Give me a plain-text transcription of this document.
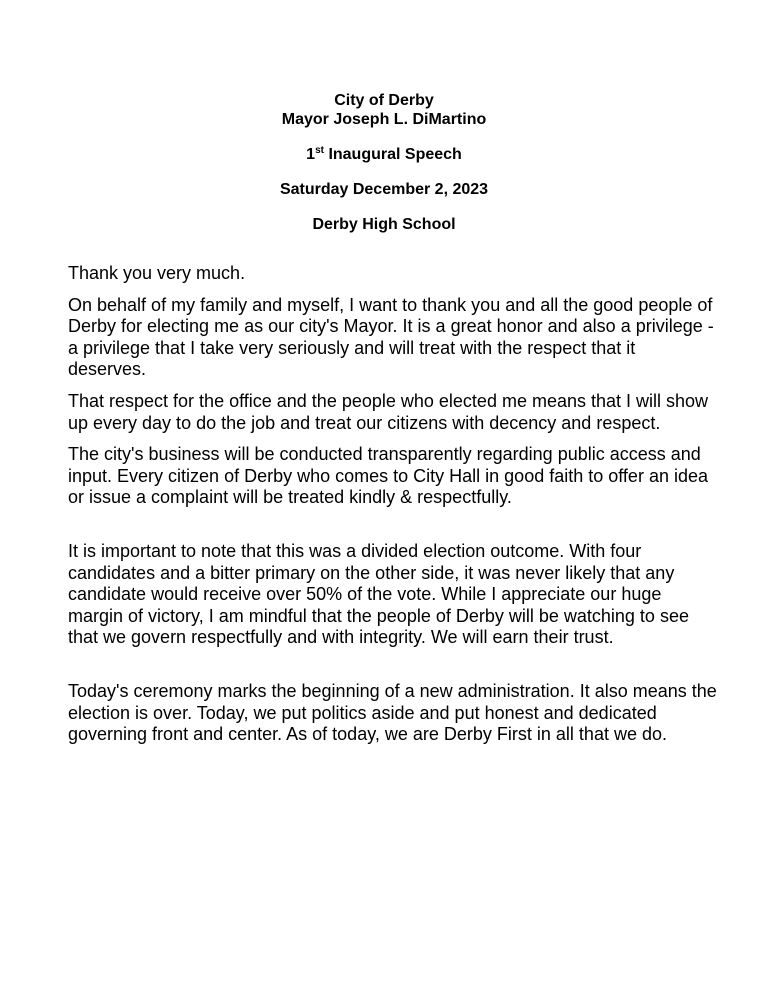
City of Derby

Mayor Joseph L. DiMartino

1st Inaugural Speech

Saturday December 2, 2023

Derby High School

Thank you very much.

On behalf of my family and myself, I want to thank you and all the good people of Derby for electing me as our city's Mayor. It is a great honor and also a privilege - a privilege that I take very seriously and will treat with the respect that it deserves.

That respect for the office and the people who elected me means that I will show up every day to do the job and treat our citizens with decency and respect.

The city's business will be conducted transparently regarding public access and input. Every citizen of Derby who comes to City Hall in good faith to offer an idea or issue a complaint will be treated kindly & respectfully.

It is important to note that this was a divided election outcome. With four candidates and a bitter primary on the other side, it was never likely that any candidate would receive over 50% of the vote. While I appreciate our huge margin of victory, I am mindful that the people of Derby will be watching to see that we govern respectfully and with integrity. We will earn their trust.

Today's ceremony marks the beginning of a new administration. It also means the election is over. Today, we put politics aside and put honest and dedicated governing front and center. As of today, we are Derby First in all that we do.
